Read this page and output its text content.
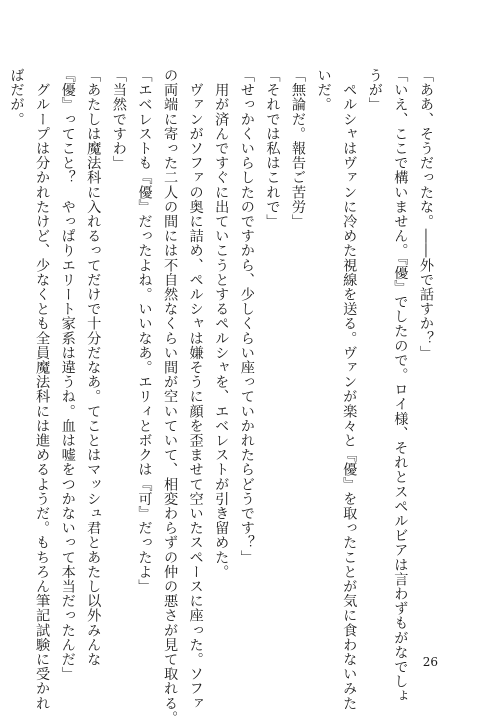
「ああ、そうだったな。――外で話すか？」
「いえ、ここで構いません。『優』でしたので。ロイ様、それとスペルビアは言わずもがなでしょ
うが」
　ペルシャはヴァンに冷めた視線を送る。ヴァンが楽々と『優』を取ったことが気に食わないみた
いだ。
「無論だ。報告ご苦労」
「それでは私はこれで」
「せっかくいらしたのですから、少しくらい座っていかれたらどうです？」
　用が済んですぐに出ていこうとするペルシャを、エベレストが引き留めた。
　ヴァンがソファの奥に詰め、ペルシャは嫌そうに顔を歪ませて空いたスペースに座った。ソファ
の両端に寄った二人の間には不自然なくらい間が空いていて、相変わらずの仲の悪さが見て取れる。
「エベレストも『優』だったよね。いいなあ。エリィとボクは『可』だったよ」
「当然ですわ」
「あたしは魔法科に入れるってだけで十分だなあ。てことはマッシュ君とあたし以外みんな
『優』ってこと？　やっぱりエリート家系は違うね。血は嘘をつかないって本当だったんだ」
　グループは分かれたけど、少なくとも全員魔法科には進めるようだ。もちろん筆記試験に受かれ
ばだが。
26
